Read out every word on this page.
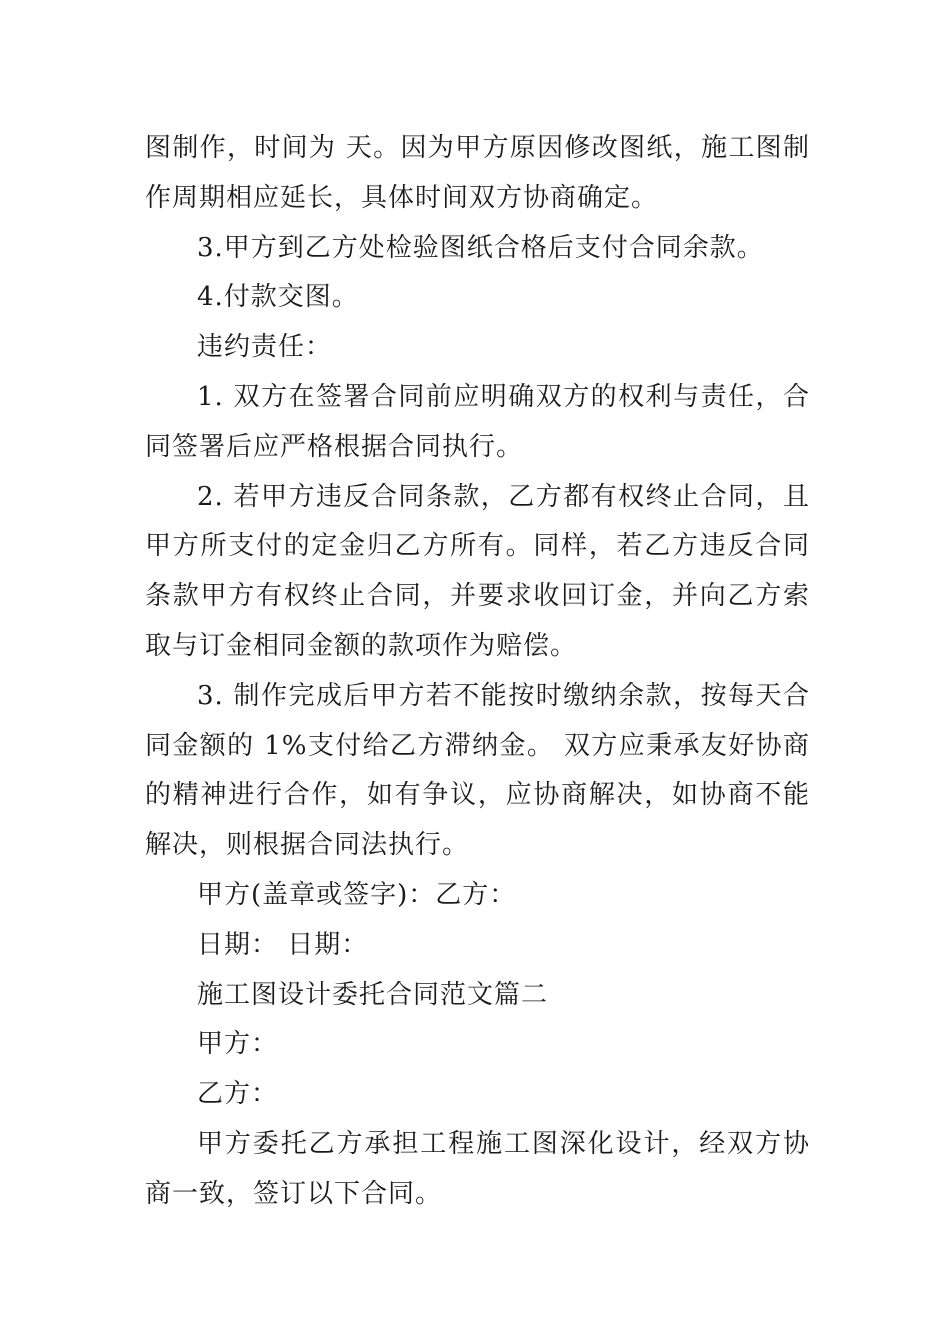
图制作，时间为 天。因为甲方原因修改图纸，施工图制作周期相应延长，具体时间双方协商确定。

3.甲方到乙方处检验图纸合格后支付合同余款。

4.付款交图。

违约责任：

1. 双方在签署合同前应明确双方的权利与责任，合同签署后应严格根据合同执行。

2. 若甲方违反合同条款，乙方都有权终止合同，且甲方所支付的定金归乙方所有。同样，若乙方违反合同条款甲方有权终止合同，并要求收回订金，并向乙方索取与订金相同金额的款项作为赔偿。

3. 制作完成后甲方若不能按时缴纳余款，按每天合同金额的 1%支付给乙方滞纳金。 双方应秉承友好协商的精神进行合作，如有争议，应协商解决，如协商不能解决，则根据合同法执行。

甲方(盖章或签字)：乙方：

日期： 日期：

施工图设计委托合同范文篇二

甲方：

乙方：

甲方委托乙方承担工程施工图深化设计，经双方协商一致，签订以下合同。
